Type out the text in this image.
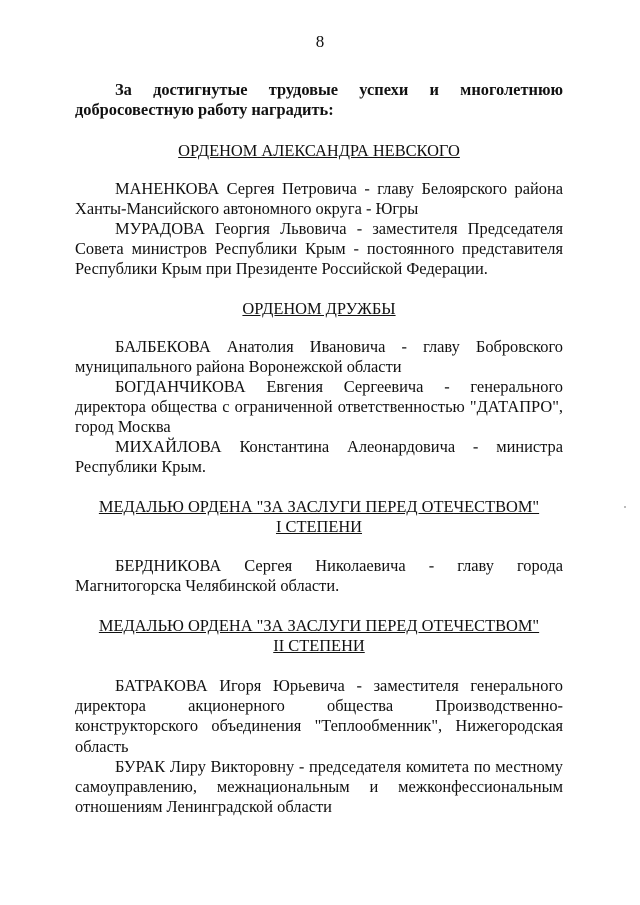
8
За достигнутые трудовые успехи и многолетнюю
добросовестную работу наградить:
ОРДЕНОМ АЛЕКСАНДРА НЕВСКОГО
МАНЕНКОВА Сергея Петровича - главу Белоярского района
Ханты-Мансийского автономного округа - Югры
МУРАДОВА Георгия Львовича - заместителя Председателя
Совета министров Республики Крым - постоянного представителя
Республики Крым при Президенте Российской Федерации.
ОРДЕНОМ ДРУЖБЫ
БАЛБЕКОВА Анатолия Ивановича - главу Бобровского
муниципального района Воронежской области
БОГДАНЧИКОВА Евгения Сергеевича - генерального
директора общества с ограниченной ответственностью "ДАТАПРО",
город Москва
МИХАЙЛОВА Константина Алеонардовича - министра
Республики Крым.
МЕДАЛЬЮ ОРДЕНА "ЗА ЗАСЛУГИ ПЕРЕД ОТЕЧЕСТВОМ"
I СТЕПЕНИ
БЕРДНИКОВА Сергея Николаевича - главу города
Магнитогорска Челябинской области.
МЕДАЛЬЮ ОРДЕНА "ЗА ЗАСЛУГИ ПЕРЕД ОТЕЧЕСТВОМ"
II СТЕПЕНИ
БАТРАКОВА Игоря Юрьевича - заместителя генерального
директора акционерного общества Производственно-
конструкторского объединения "Теплообменник", Нижегородская
область
БУРАК Лиру Викторовну - председателя комитета по местному
самоуправлению, межнациональным и межконфессиональным
отношениям Ленинградской области
